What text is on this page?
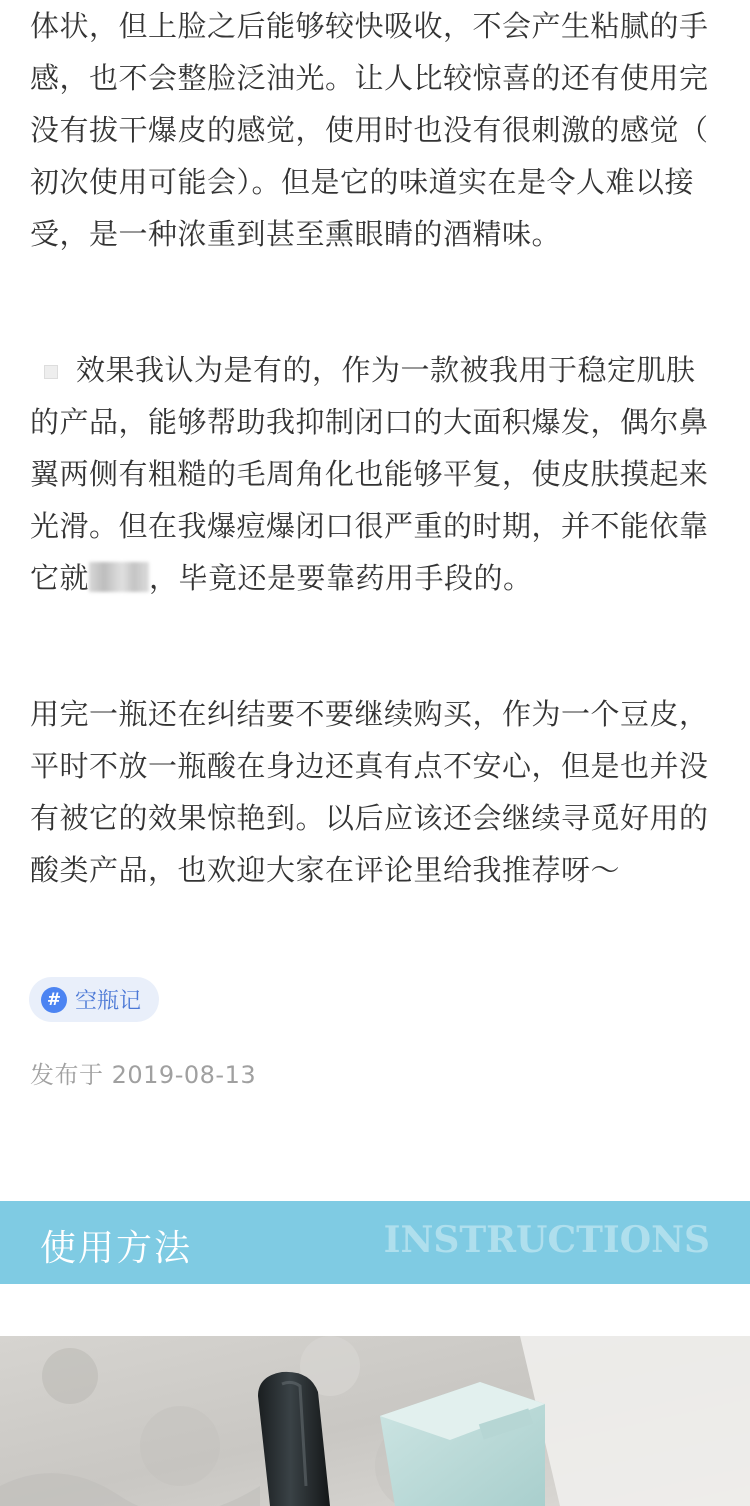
体状，但上脸之后能够较快吸收，不会产生粘腻的手感，也不会整脸泛油光。让人比较惊喜的还有使用完没有拔干爆皮的感觉，使用时也没有很刺激的感觉（初次使用可能会）。但是它的味道实在是令人难以接受，是一种浓重到甚至熏眼睛的酒精味。

效果我认为是有的，作为一款被我用于稳定肌肤的产品，能够帮助我抑制闭口的大面积爆发，偶尔鼻翼两侧有粗糙的毛周角化也能够平复，使皮肤摸起来光滑。但在我爆痘爆闭口很严重的时期，并不能依靠它就 ，毕竟还是要靠药用手段的。

用完一瓶还在纠结要不要继续购买，作为一个豆皮，平时不放一瓶酸在身边还真有点不安心，但是也并没有被它的效果惊艳到。以后应该还会继续寻觅好用的酸类产品，也欢迎大家在评论里给我推荐呀～

# 空瓶记
发布于 2019-08-13
使用方法	INSTRUCTIONS
